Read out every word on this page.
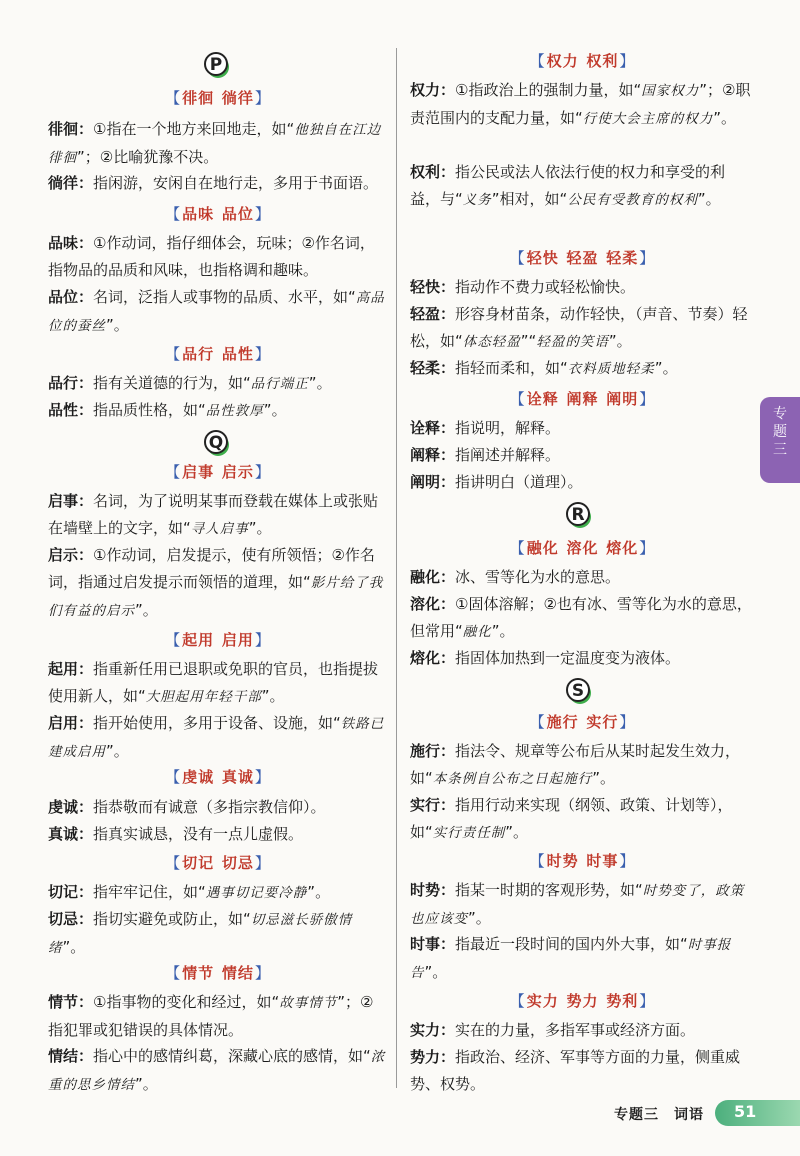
P
【徘徊 徜徉】
徘徊：①指在一个地方来回地走，如“他独自在江边徘徊”；②比喻犹豫不决。
徜徉：指闲游，安闲自在地行走，多用于书面语。
【品味 品位】
品味：①作动词，指仔细体会，玩味；②作名词，指物品的品质和风味，也指格调和趣味。
品位：名词，泛指人或事物的品质、水平，如“高品位的蚕丝”。
【品行 品性】
品行：指有关道德的行为，如“品行端正”。
品性：指品质性格，如“品性敦厚”。
Q
【启事 启示】
启事：名词，为了说明某事而登载在媒体上或张贴在墙壁上的文字，如“寻人启事”。
启示：①作动词，启发提示，使有所领悟；②作名词，指通过启发提示而领悟的道理，如“影片给了我们有益的启示”。
【起用 启用】
起用：指重新任用已退职或免职的官员，也指提拔使用新人，如“大胆起用年轻干部”。
启用：指开始使用，多用于设备、设施，如“铁路已建成启用”。
【虔诚 真诚】
虔诚：指恭敬而有诚意（多指宗教信仰）。
真诚：指真实诚恳，没有一点儿虚假。
【切记 切忌】
切记：指牢牢记住，如“遇事切记要冷静”。
切忌：指切实避免或防止，如“切忌滋长骄傲情绪”。
【情节 情结】
情节：①指事物的变化和经过，如“故事情节”；②指犯罪或犯错误的具体情况。
情结：指心中的感情纠葛，深藏心底的感情，如“浓重的思乡情结”。
【权力 权利】
权力：①指政治上的强制力量，如“国家权力”；②职责范围内的支配力量，如“行使大会主席的权力”。
权利：指公民或法人依法行使的权力和享受的利益，与“义务”相对，如“公民有受教育的权利”。
【轻快 轻盈 轻柔】
轻快：指动作不费力或轻松愉快。
轻盈：形容身材苗条，动作轻快，（声音、节奏）轻松，如“体态轻盈”“轻盈的笑语”。
轻柔：指轻而柔和，如“衣料质地轻柔”。
【诠释 阐释 阐明】
诠释：指说明，解释。
阐释：指阐述并解释。
阐明：指讲明白（道理）。
R
【融化 溶化 熔化】
融化：冰、雪等化为水的意思。
溶化：①固体溶解；②也有冰、雪等化为水的意思，但常用“融化”。
熔化：指固体加热到一定温度变为液体。
S
【施行 实行】
施行：指法令、规章等公布后从某时起发生效力，如“本条例自公布之日起施行”。
实行：指用行动来实现（纲领、政策、计划等），如“实行责任制”。
【时势 时事】
时势：指某一时期的客观形势，如“时势变了，政策也应该变”。
时事：指最近一段时间的国内外大事，如“时事报告”。
【实力 势力 势利】
实力：实在的力量，多指军事或经济方面。
势力：指政治、经济、军事等方面的力量，侧重威势、权势。
专
题
三
专题三　词语 51
